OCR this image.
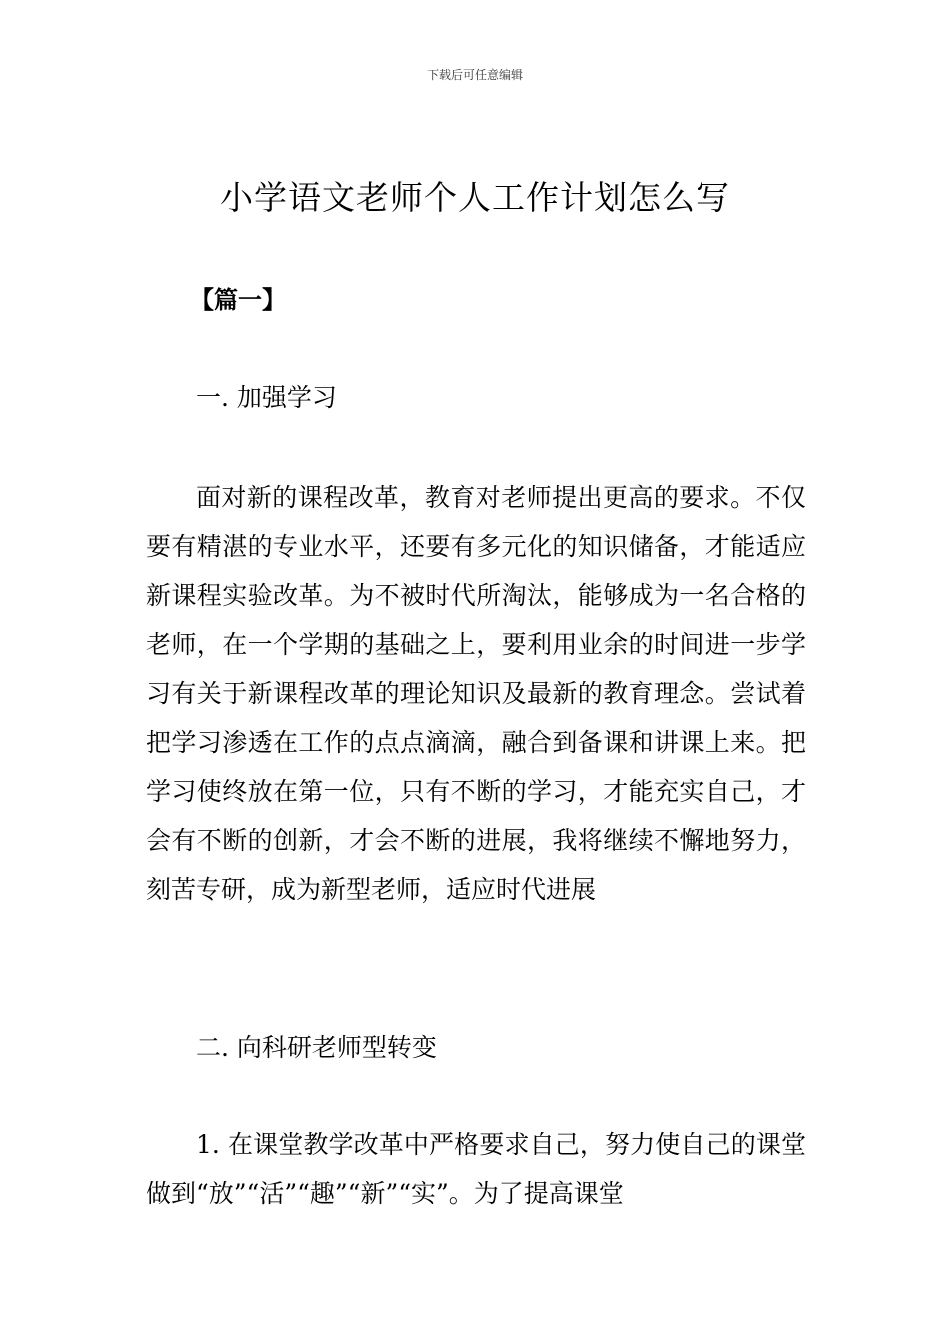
下载后可任意编辑
小学语文老师个人工作计划怎么写
【篇一】
一. 加强学习

面对新的课程改革，教育对老师提出更高的要求。不仅要有精湛的专业水平，还要有多元化的知识储备，才能适应新课程实验改革。为不被时代所淘汰，能够成为一名合格的老师，在一个学期的基础之上，要利用业余的时间进一步学习有关于新课程改革的理论知识及最新的教育理念。尝试着把学习渗透在工作的点点滴滴，融合到备课和讲课上来。把学习使终放在第一位，只有不断的学习，才能充实自己，才会有不断的创新，才会不断的进展，我将继续不懈地努力，刻苦专研，成为新型老师，适应时代进展

二. 向科研老师型转变

1. 在课堂教学改革中严格要求自己，努力使自己的课堂做到“放”“活”“趣”“新”“实”。为了提高课堂
